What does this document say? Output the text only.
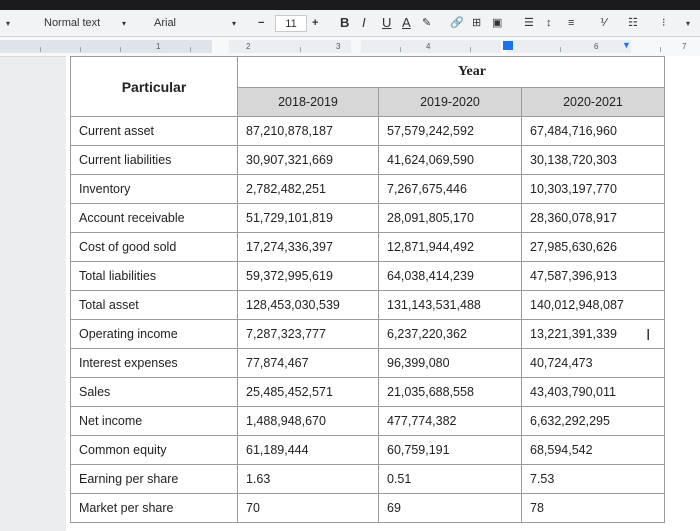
▾	Normal text	▾	Arial	▾ −	11	+ B I U A ✎ 🔗 ⊞ ▣ ☰ ↕ ≡ ⅟ ☷ ⁝	▾
1	2	3	4	6	7
▼
Particular	Year		
	2018-2019	2019-2020	2020-2021
Current asset	87,210,878,187	57,579,242,592	67,484,716,960
Current liabilities	30,907,321,669	41,624,069,590	30,138,720,303
Inventory	2,782,482,251	7,267,675,446	10,303,197,770
Account receivable	51,729,101,819	28,091,805,170	28,360,078,917
Cost of good sold	17,274,336,397	12,871,944,492	27,985,630,626
Total liabilities	59,372,995,619	64,038,414,239	47,587,396,913
Total asset	128,453,030,539	131,143,531,488	140,012,948,087
Operating income	7,287,323,777	6,237,220,362	13,221,391,339
Interest expenses	77,874,467	96,399,080	40,724,473
Sales	25,485,452,571	21,035,688,558	43,403,790,011
Net income	1,488,948,670	477,774,382	6,632,292,295
Common equity	61,189,444	60,759,191	68,594,542
Earning per share	1.63	0.51	7.53
Market per share	70	69	78
I
